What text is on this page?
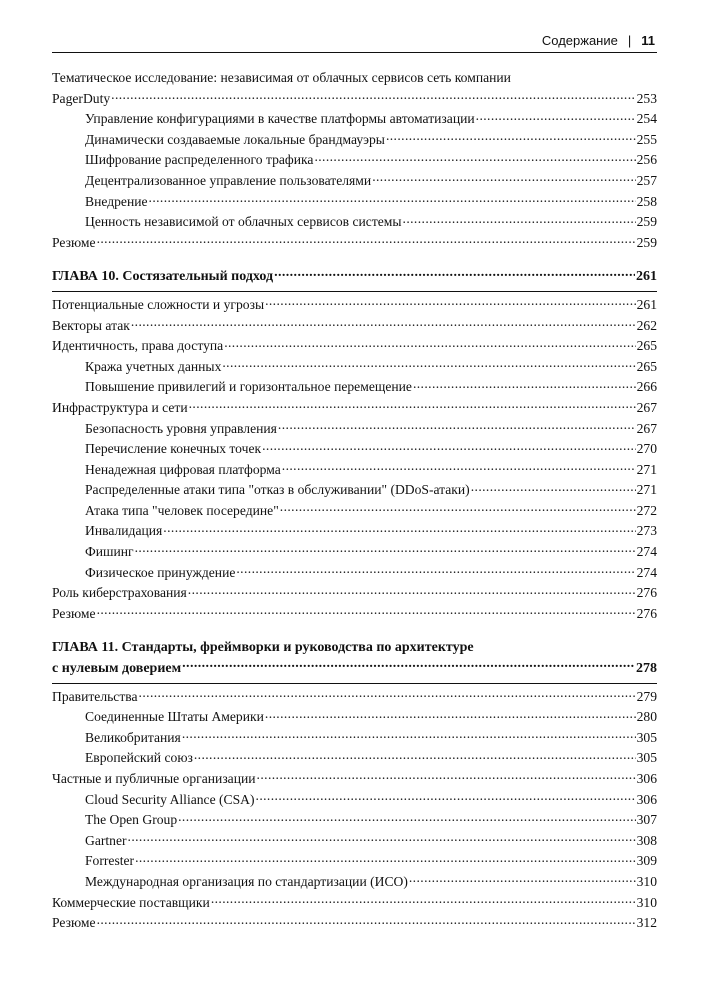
Содержание | 11
Тематическое исследование: независимая от облачных сервисов сеть компании
PagerDuty .....	253
Управление конфигурациями в качестве платформы автоматизации .....	254
Динамически создаваемые локальные брандмауэры .....	255
Шифрование распределенного трафика .....	256
Децентрализованное управление пользователями .....	257
Внедрение .....	258
Ценность независимой от облачных сервисов системы .....	259
Резюме .....	259
ГЛАВА 10. Состязательный подход .....	261
Потенциальные сложности и угрозы .....	261
Векторы атак .....	262
Идентичность, права доступа .....	265
Кража учетных данных .....	265
Повышение привилегий и горизонтальное перемещение .....	266
Инфраструктура и сети .....	267
Безопасность уровня управления .....	267
Перечисление конечных точек .....	270
Ненадежная цифровая платформа .....	271
Распределенные атаки типа "отказ в обслуживании" (DDoS-атаки) .....	271
Атака типа "человек посередине" .....	272
Инвалидация .....	273
Фишинг .....	274
Физическое принуждение .....	274
Роль киберстрахования .....	276
Резюме .....	276
ГЛАВА 11. Стандарты, фреймворки и руководства по архитектуре
с нулевым доверием .....	278
Правительства .....	279
Соединенные Штаты Америки .....	280
Великобритания .....	305
Европейский союз .....	305
Частные и публичные организации .....	306
Cloud Security Alliance (CSA) .....	306
The Open Group .....	307
Gartner .....	308
Forrester .....	309
Международная организация по стандартизации (ИСО) .....	310
Коммерческие поставщики .....	310
Резюме .....	312
